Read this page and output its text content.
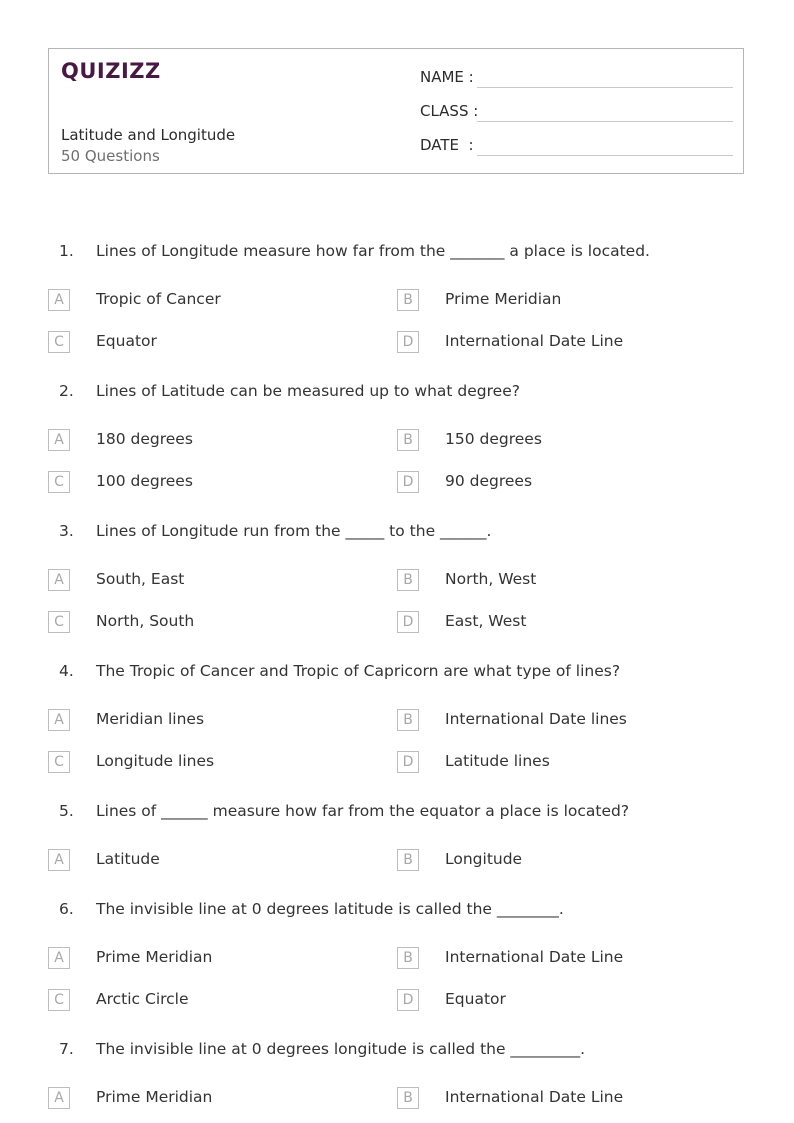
QUIZIZZ
Latitude and Longitude
50 Questions
NAME :
CLASS :
DATE  :
1.	Lines of Longitude measure how far from the _______ a place is located.
A	Tropic of Cancer	B	Prime Meridian
C	Equator	D	International Date Line
2.	Lines of Latitude can be measured up to what degree?
A	180 degrees	B	150 degrees
C	100 degrees	D	90 degrees
3.	Lines of Longitude run from the _____ to the ______.
A	South, East	B	North, West
C	North, South	D	East, West
4.	The Tropic of Cancer and Tropic of Capricorn are what type of lines?
A	Meridian lines	B	International Date lines
C	Longitude lines	D	Latitude lines
5.	Lines of ______ measure how far from the equator a place is located?
A	Latitude	B	Longitude
6.	The invisible line at 0 degrees latitude is called the ________.
A	Prime Meridian	B	International Date Line
C	Arctic Circle	D	Equator
7.	The invisible line at 0 degrees longitude is called the _________.
A	Prime Meridian	B	International Date Line
